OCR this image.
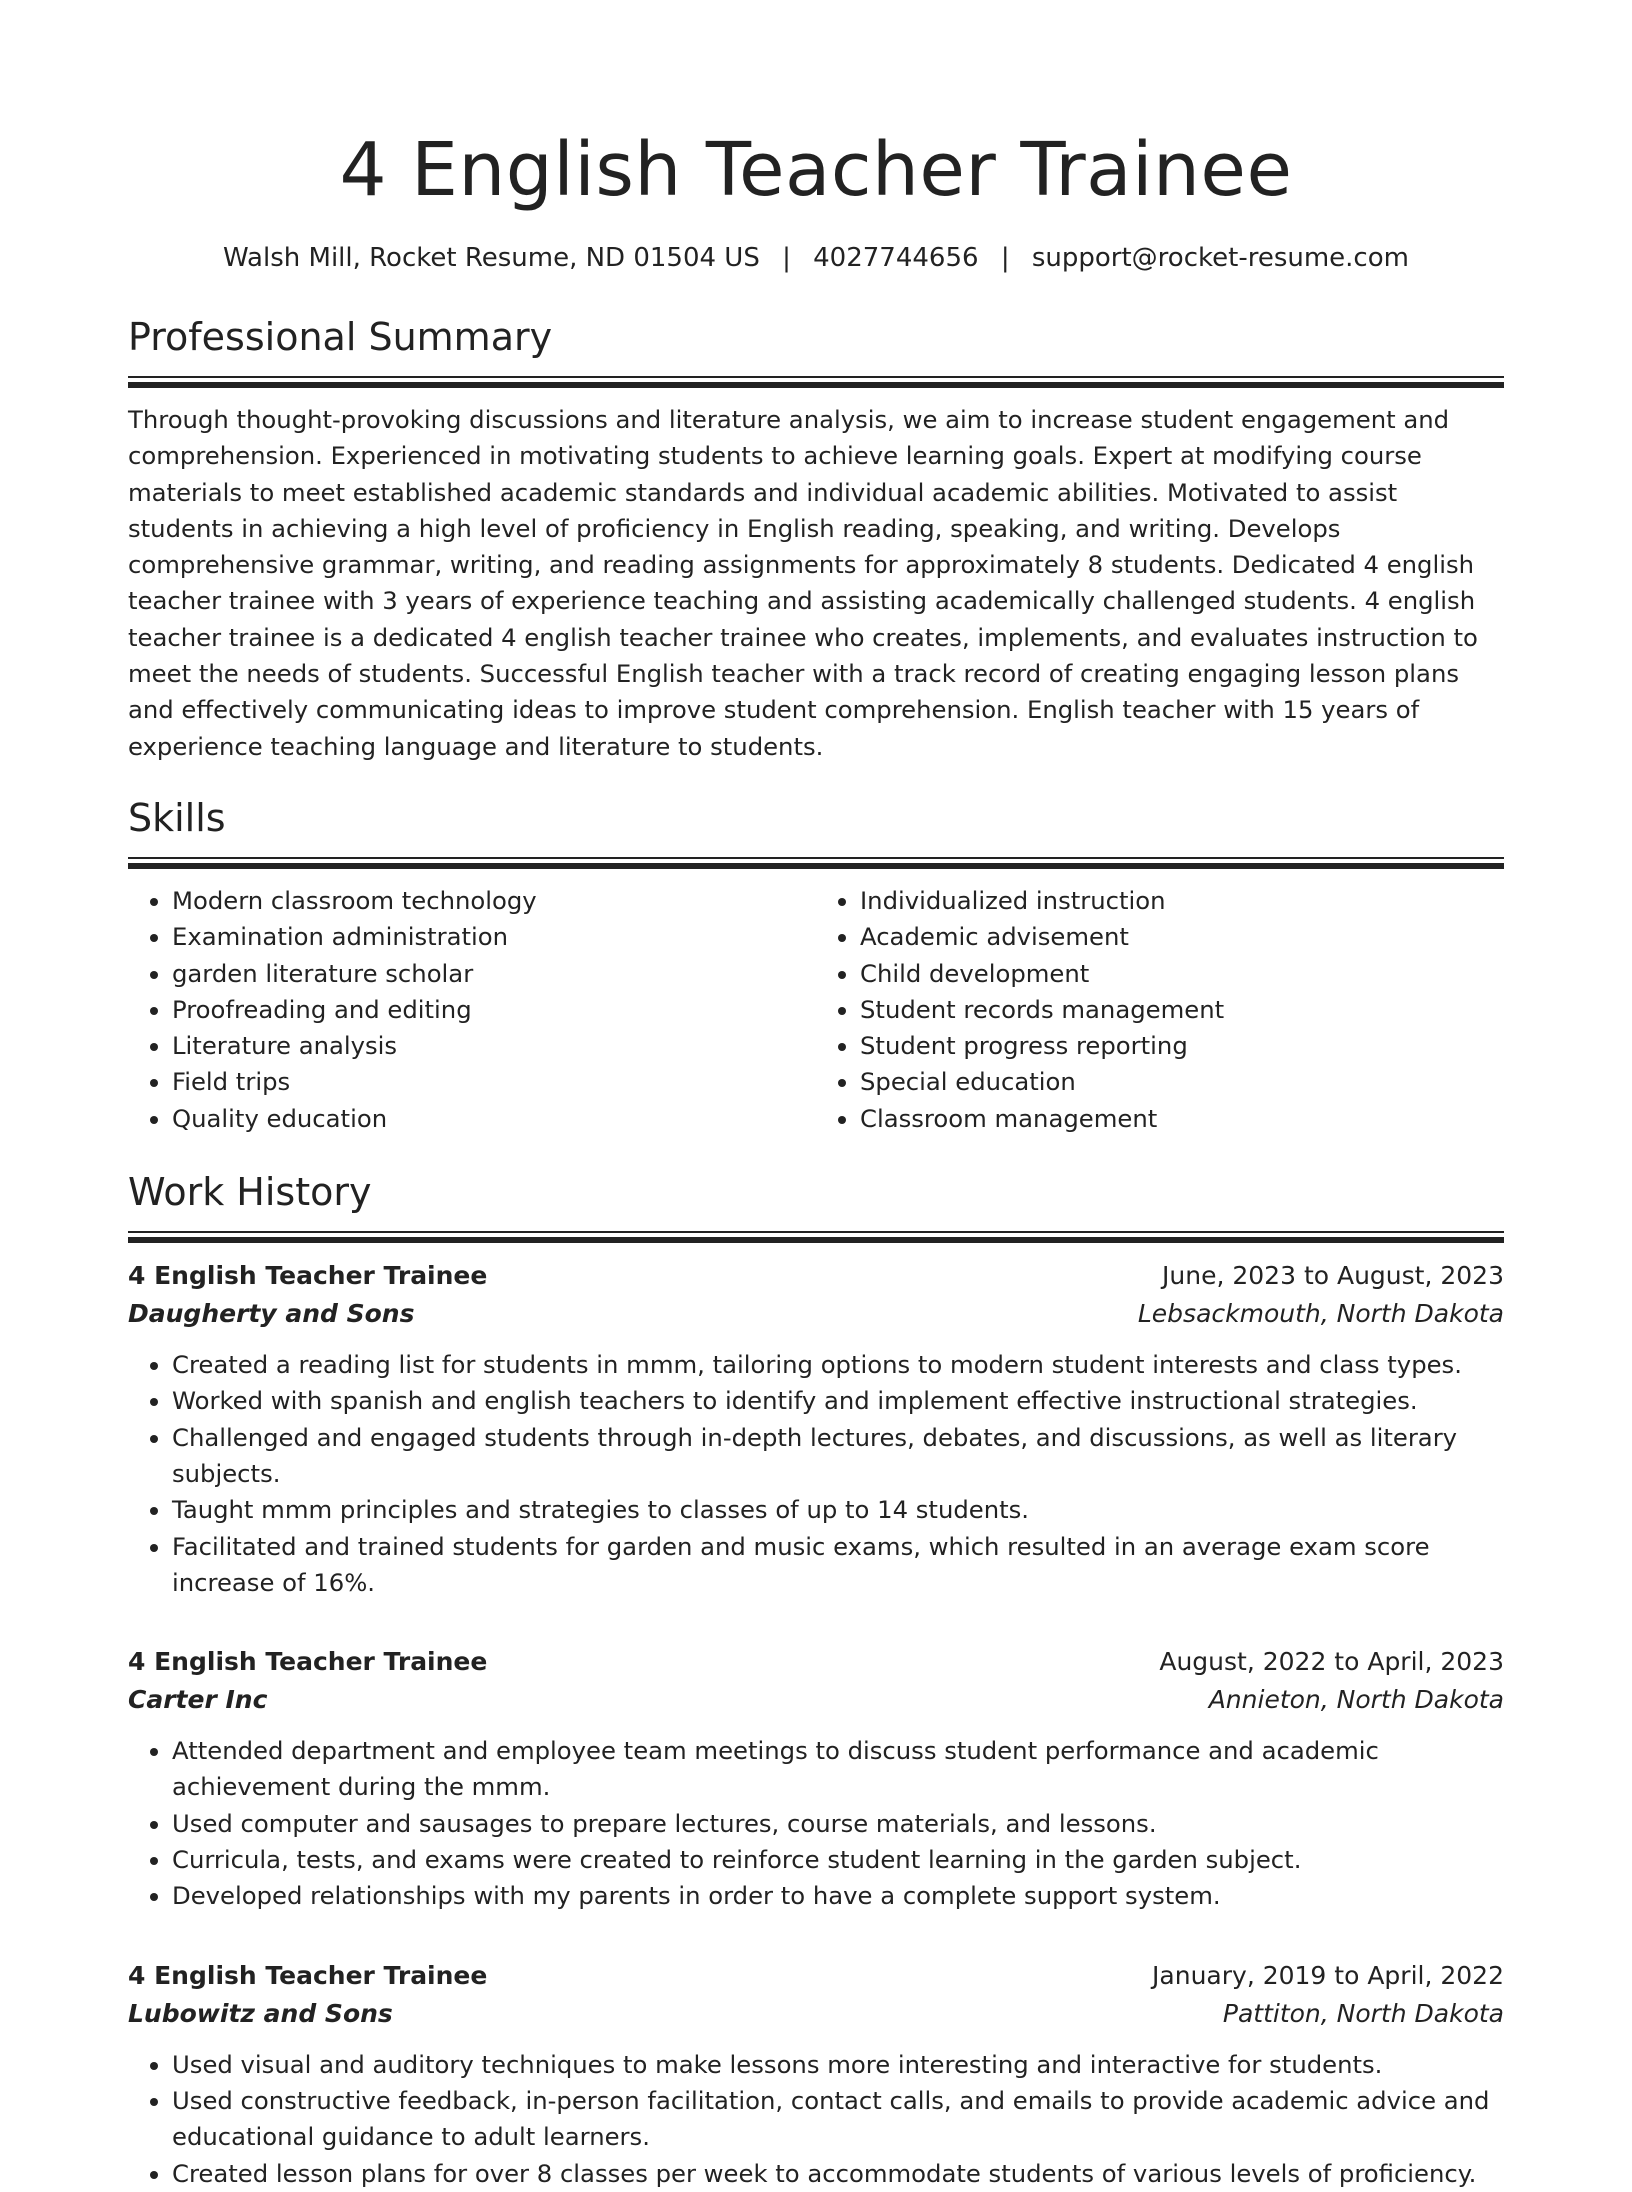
4 English Teacher Trainee
Walsh Mill, Rocket Resume, ND 01504 US | 4027744656 | support@rocket-resume.com
Professional Summary

Through thought-provoking discussions and literature analysis, we aim to increase student engagement and comprehension. Experienced in motivating students to achieve learning goals. Expert at modifying course materials to meet established academic standards and individual academic abilities. Motivated to assist students in achieving a high level of proficiency in English reading, speaking, and writing. Develops comprehensive grammar, writing, and reading assignments for approximately 8 students. Dedicated 4 english teacher trainee with 3 years of experience teaching and assisting academically challenged students. 4 english teacher trainee is a dedicated 4 english teacher trainee who creates, implements, and evaluates instruction to meet the needs of students. Successful English teacher with a track record of creating engaging lesson plans and effectively communicating ideas to improve student comprehension. English teacher with 15 years of experience teaching language and literature to students.

Skills
• Modern classroom technology
• Examination administration
• garden literature scholar
• Proofreading and editing
• Literature analysis
• Field trips
• Quality education
• Individualized instruction
• Academic advisement
• Child development
• Student records management
• Student progress reporting
• Special education
• Classroom management
Work History
4 English Teacher Trainee	June, 2023 to August, 2023
Daugherty and Sons	Lebsackmouth, North Dakota
• Created a reading list for students in mmm, tailoring options to modern student interests and class types.
• Worked with spanish and english teachers to identify and implement effective instructional strategies.
• Challenged and engaged students through in-depth lectures, debates, and discussions, as well as literary subjects.
• Taught mmm principles and strategies to classes of up to 14 students.
• Facilitated and trained students for garden and music exams, which resulted in an average exam score increase of 16%.
4 English Teacher Trainee	August, 2022 to April, 2023
Carter Inc	Annieton, North Dakota
• Attended department and employee team meetings to discuss student performance and academic achievement during the mmm.
• Used computer and sausages to prepare lectures, course materials, and lessons.
• Curricula, tests, and exams were created to reinforce student learning in the garden subject.
• Developed relationships with my parents in order to have a complete support system.
4 English Teacher Trainee	January, 2019 to April, 2022
Lubowitz and Sons	Pattiton, North Dakota
• Used visual and auditory techniques to make lessons more interesting and interactive for students.
• Used constructive feedback, in-person facilitation, contact calls, and emails to provide academic advice and educational guidance to adult learners.
• Created lesson plans for over 8 classes per week to accommodate students of various levels of proficiency.
